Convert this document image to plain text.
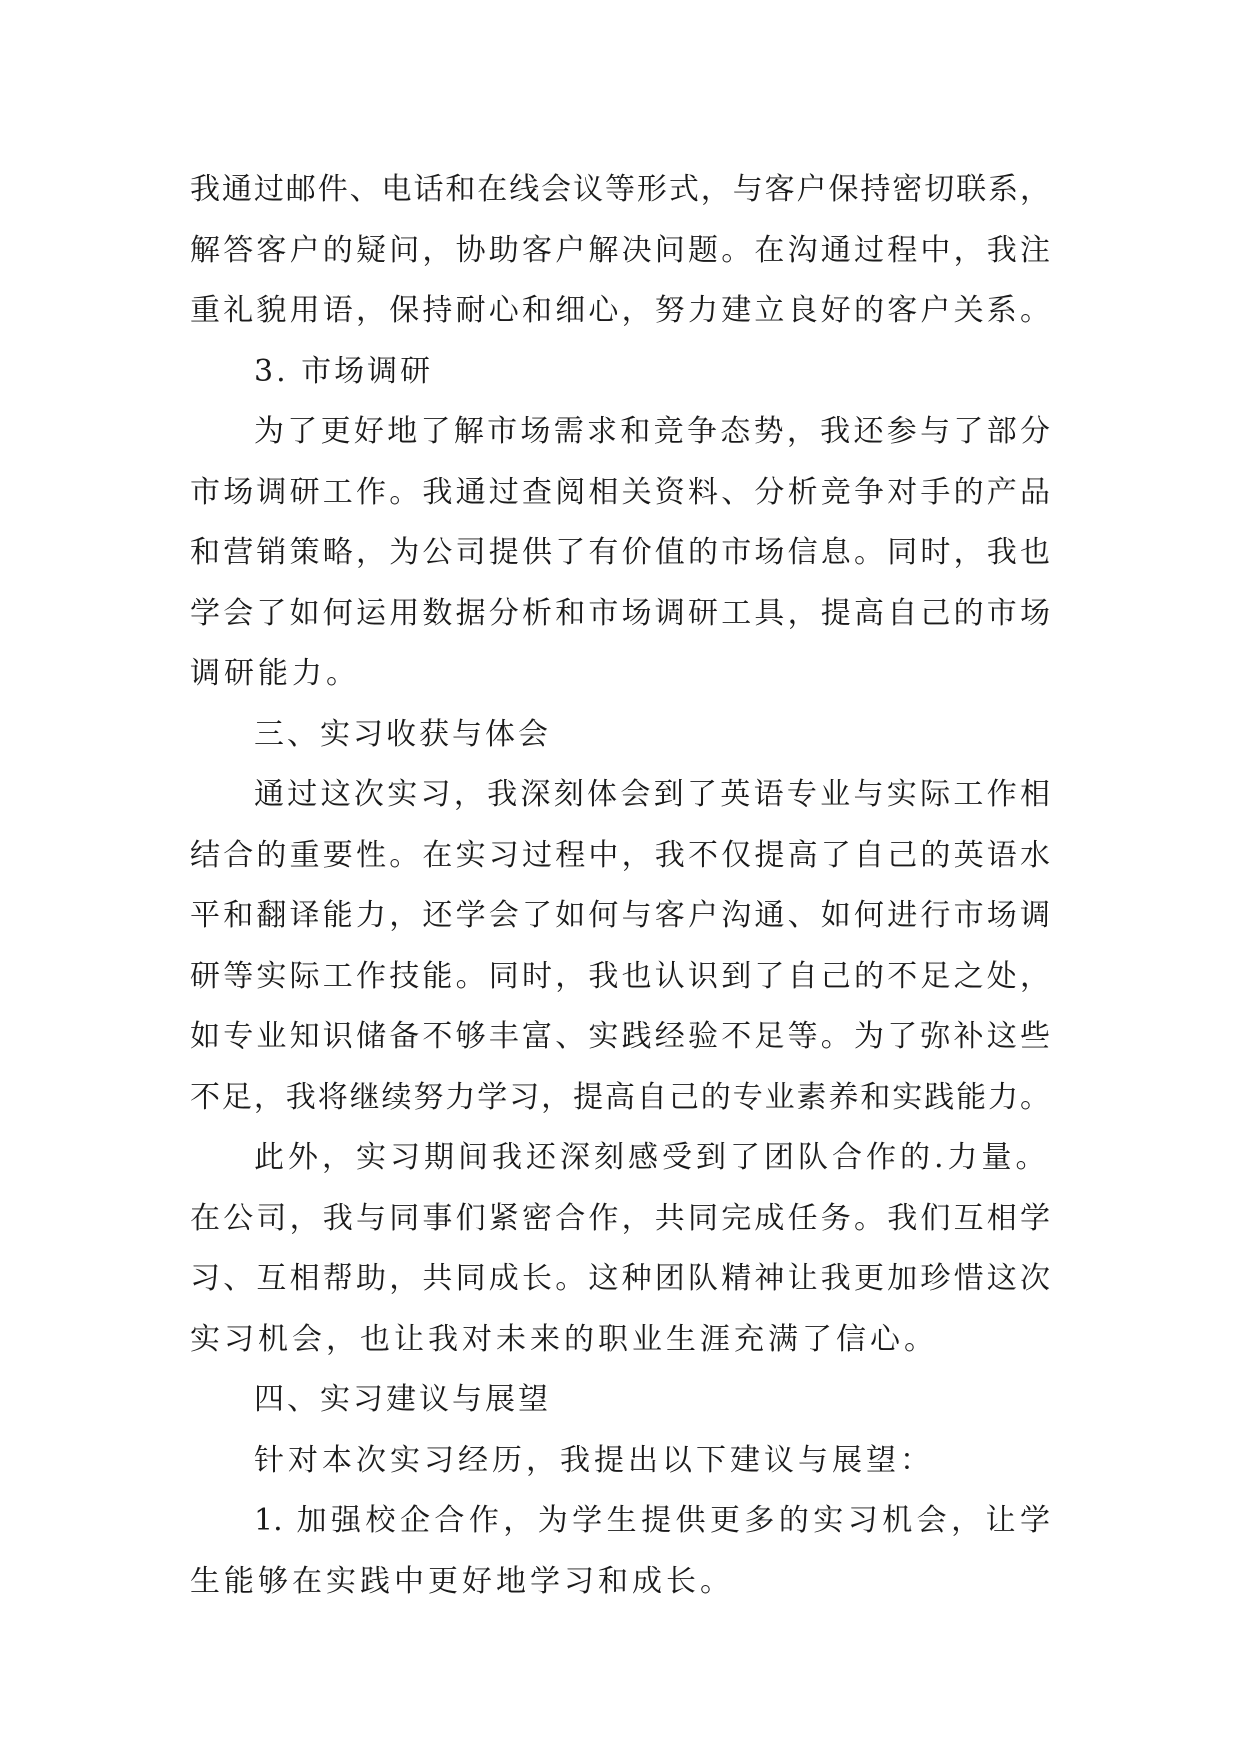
我通过邮件、电话和在线会议等形式，与客户保持密切联系，
解答客户的疑问，协助客户解决问题。在沟通过程中，我注
重礼貌用语，保持耐心和细心，努力建立良好的客户关系。
3. 市场调研
为了更好地了解市场需求和竞争态势，我还参与了部分
市场调研工作。我通过查阅相关资料、分析竞争对手的产品
和营销策略，为公司提供了有价值的市场信息。同时，我也
学会了如何运用数据分析和市场调研工具，提高自己的市场
调研能力。
三、实习收获与体会
通过这次实习，我深刻体会到了英语专业与实际工作相
结合的重要性。在实习过程中，我不仅提高了自己的英语水
平和翻译能力，还学会了如何与客户沟通、如何进行市场调
研等实际工作技能。同时，我也认识到了自己的不足之处，
如专业知识储备不够丰富、实践经验不足等。为了弥补这些
不足，我将继续努力学习，提高自己的专业素养和实践能力。
此外，实习期间我还深刻感受到了团队合作的.力量。
在公司，我与同事们紧密合作，共同完成任务。我们互相学
习、互相帮助，共同成长。这种团队精神让我更加珍惜这次
实习机会，也让我对未来的职业生涯充满了信心。
四、实习建议与展望
针对本次实习经历，我提出以下建议与展望：
1. 加强校企合作，为学生提供更多的实习机会，让学
生能够在实践中更好地学习和成长。
